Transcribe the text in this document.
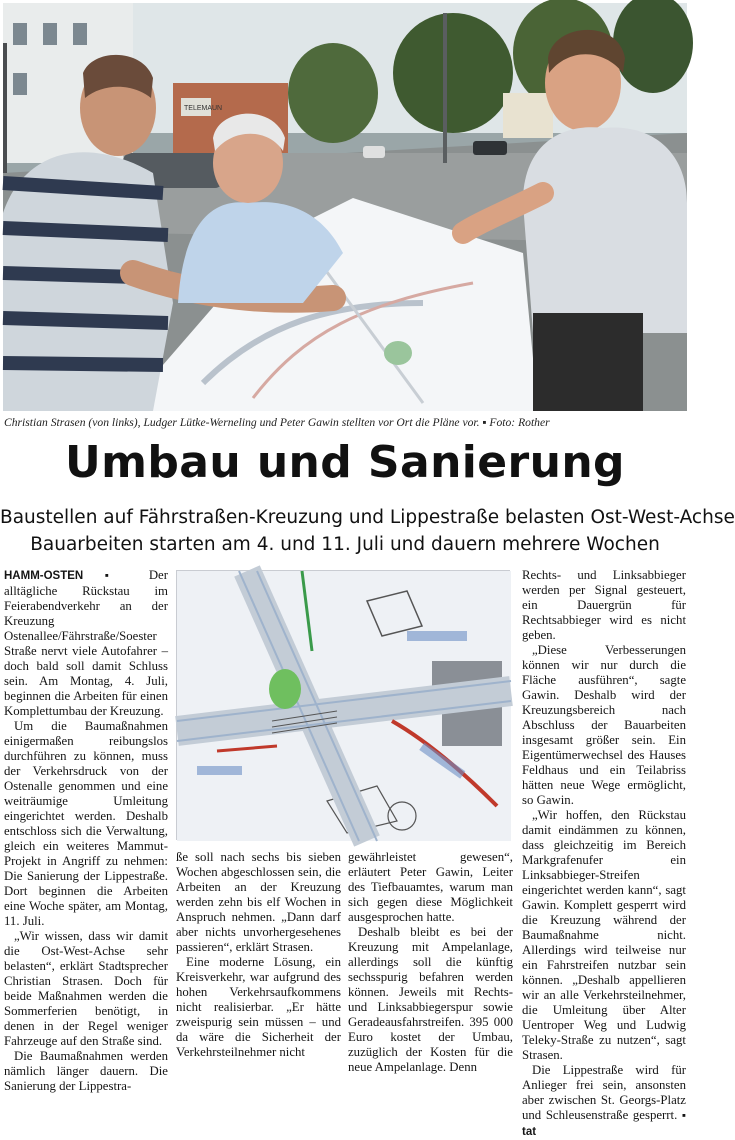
TELEMAUN
Christian Strasen (von links), Ludger Lütke-Werneling und Peter Gawin stellten vor Ort die Pläne vor. ▪ Foto: Rother
Umbau und Sanierung
Baustellen auf Fährstraßen-Kreuzung und Lippestraße belasten Ost-West-Achse
Bauarbeiten starten am 4. und 11. Juli und dauern mehrere Wochen

HAMM-OSTEN ▪ Der alltägliche Rückstau im Feierabendverkehr an der Kreuzung Ostenallee/Fährstraße/Soester Straße nervt viele Autofahrer – doch bald soll damit Schluss sein. Am Montag, 4. Juli, beginnen die Arbeiten für einen Komplettumbau der Kreuzung.

Um die Baumaßnahmen einigermaßen reibungslos durchführen zu können, muss der Verkehrsdruck von der Ostenalle genommen und eine weiträumige Umleitung eingerichtet werden. Deshalb entschloss sich die Verwaltung, gleich ein weiteres Mammut-Projekt in Angriff zu nehmen: Die Sanierung der Lippestraße. Dort beginnen die Arbeiten eine Woche später, am Montag, 11. Juli.

„Wir wissen, dass wir damit die Ost-West-Achse sehr belasten“, erklärt Stadtsprecher Christian Strasen. Doch für beide Maßnahmen werden die Sommerferien benötigt, in denen in der Regel weniger Fahrzeuge auf den Straße sind.

Die Baumaßnahmen werden nämlich länger dauern. Die Sanierung der Lippestra-

ße soll nach sechs bis sieben Wochen abgeschlossen sein, die Arbeiten an der Kreuzung werden zehn bis elf Wochen in Anspruch nehmen. „Dann darf aber nichts unvorhergesehenes passieren“, erklärt Strasen.

Eine moderne Lösung, ein Kreisverkehr, war aufgrund des hohen Verkehrsaufkommens nicht realisierbar. „Er hätte zweispurig sein müssen – und da wäre die Sicherheit der Verkehrsteilnehmer nicht

gewährleistet gewesen“, erläutert Peter Gawin, Leiter des Tiefbauamtes, warum man sich gegen diese Möglichkeit ausgesprochen hatte.

Deshalb bleibt es bei der Kreuzung mit Ampelanlage, allerdings soll die künftig sechsspurig befahren werden können. Jeweils mit Rechts- und Linksabbiegerspur sowie Geradeausfahrstreifen. 395 000 Euro kostet der Umbau, zuzüglich der Kosten für die neue Ampelanlage. Denn

Rechts- und Linksabbieger werden per Signal gesteuert, ein Dauergrün für Rechtsabbieger wird es nicht geben.

„Diese Verbesserungen können wir nur durch die Fläche ausführen“, sagte Gawin. Deshalb wird der Kreuzungsbereich nach Abschluss der Bauarbeiten insgesamt größer sein. Ein Eigentümerwechsel des Hauses Feldhaus und ein Teilabriss hätten neue Wege ermöglicht, so Gawin.

„Wir hoffen, den Rückstau damit eindämmen zu können, dass gleichzeitig im Bereich Markgrafenufer ein Linksabbieger-Streifen eingerichtet werden kann“, sagt Gawin. Komplett gesperrt wird die Kreuzung während der Baumaßnahme nicht. Allerdings wird teilweise nur ein Fahrstreifen nutzbar sein können. „Deshalb appellieren wir an alle Verkehrsteilnehmer, die Umleitung über Alter Uentroper Weg und Ludwig Teleky-Straße zu nutzen“, sagt Strasen.

Die Lippestraße wird für Anlieger frei sein, ansonsten aber zwischen St. Georgs-Platz und Schleusenstraße gesperrt. ▪ tat
